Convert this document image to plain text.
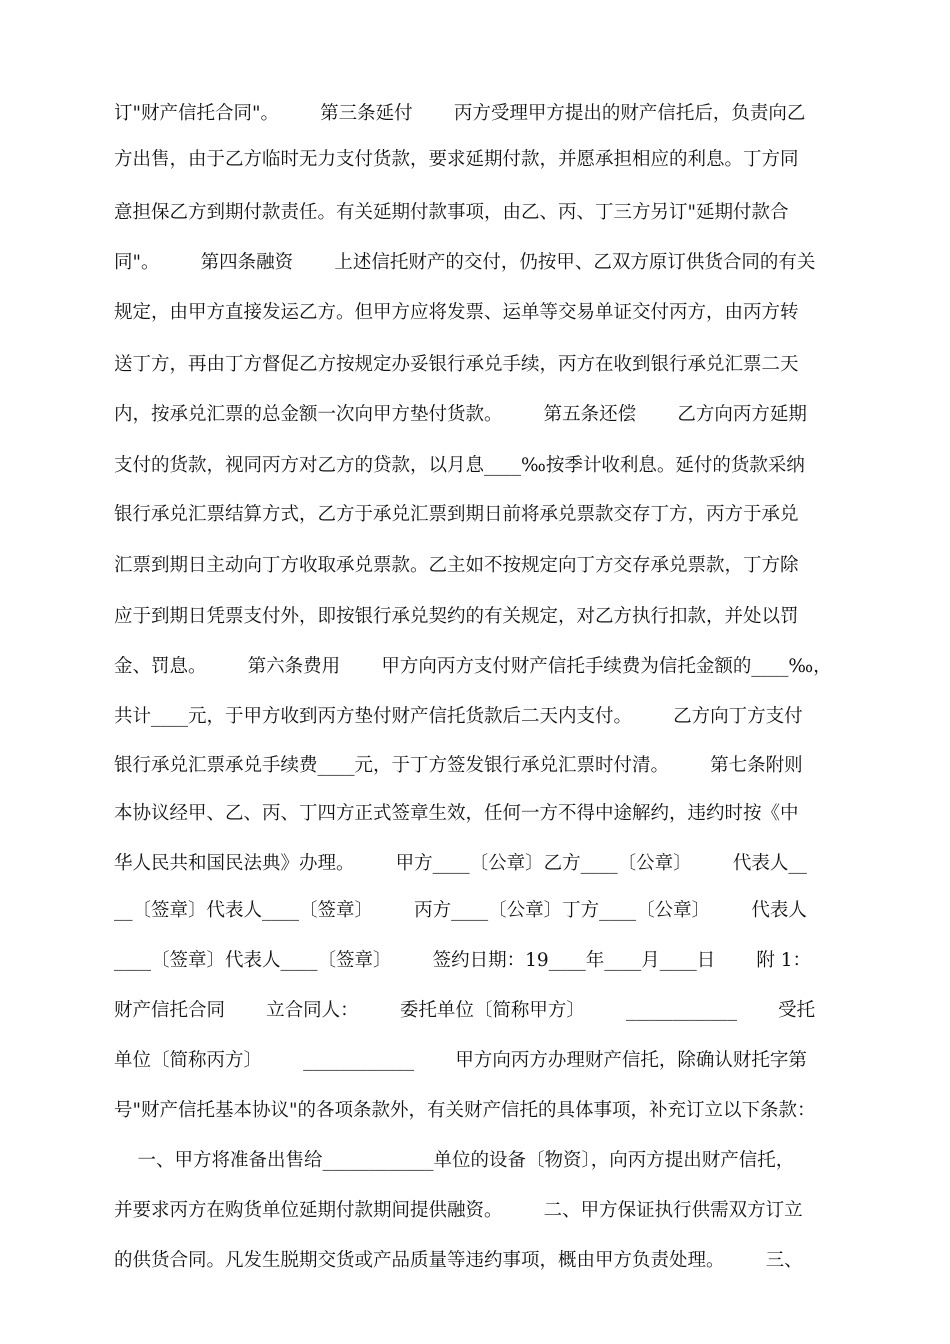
订"财产信托合同"。       第三条延付       丙方受理甲方提出的财产信托后，负责向乙
方出售，由于乙方临时无力支付货款，要求延期付款，并愿承担相应的利息。丁方同
意担保乙方到期付款责任。有关延期付款事项，由乙、丙、丁三方另订"延期付款合
同"。       第四条融资       上述信托财产的交付，仍按甲、乙双方原订供货合同的有关
规定，由甲方直接发运乙方。但甲方应将发票、运单等交易单证交付丙方，由丙方转
送丁方，再由丁方督促乙方按规定办妥银行承兑手续，丙方在收到银行承兑汇票二天
内，按承兑汇票的总金额一次向甲方垫付货款。       第五条还偿       乙方向丙方延期
支付的货款，视同丙方对乙方的贷款，以月息____‰按季计收利息。延付的货款采纳
银行承兑汇票结算方式，乙方于承兑汇票到期日前将承兑票款交存丁方，丙方于承兑
汇票到期日主动向丁方收取承兑票款。乙主如不按规定向丁方交存承兑票款，丁方除
应于到期日凭票支付外，即按银行承兑契约的有关规定，对乙方执行扣款，并处以罚
金、罚息。       第六条费用       甲方向丙方支付财产信托手续费为信托金额的____‰，
共计____元，于甲方收到丙方垫付财产信托货款后二天内支付。       乙方向丁方支付
银行承兑汇票承兑手续费____元，于丁方签发银行承兑汇票时付清。       第七条附则
本协议经甲、乙、丙、丁四方正式签章生效，任何一方不得中途解约，违约时按《中
华人民共和国民法典》办理。       甲方____〔公章〕乙方____〔公章〕       代表人__
__〔签章〕代表人____〔签章〕       丙方____〔公章〕丁方____〔公章〕       代表人
____〔签章〕代表人____〔签章〕       签约日期：19____年____月____日       附 1：
财产信托合同       立合同人：       委托单位〔简称甲方〕       ____________       受托
单位〔简称丙方〕       ____________       甲方向丙方办理财产信托，除确认财托字第
号"财产信托基本协议"的各项条款外，有关财产信托的具体事项，补充订立以下条款：
一、甲方将准备出售给____________单位的设备〔物资〕，向丙方提出财产信托，
并要求丙方在购货单位延期付款期间提供融资。       二、甲方保证执行供需双方订立
的供货合同。凡发生脱期交货或产品质量等违约事项，概由甲方负责处理。       三、
